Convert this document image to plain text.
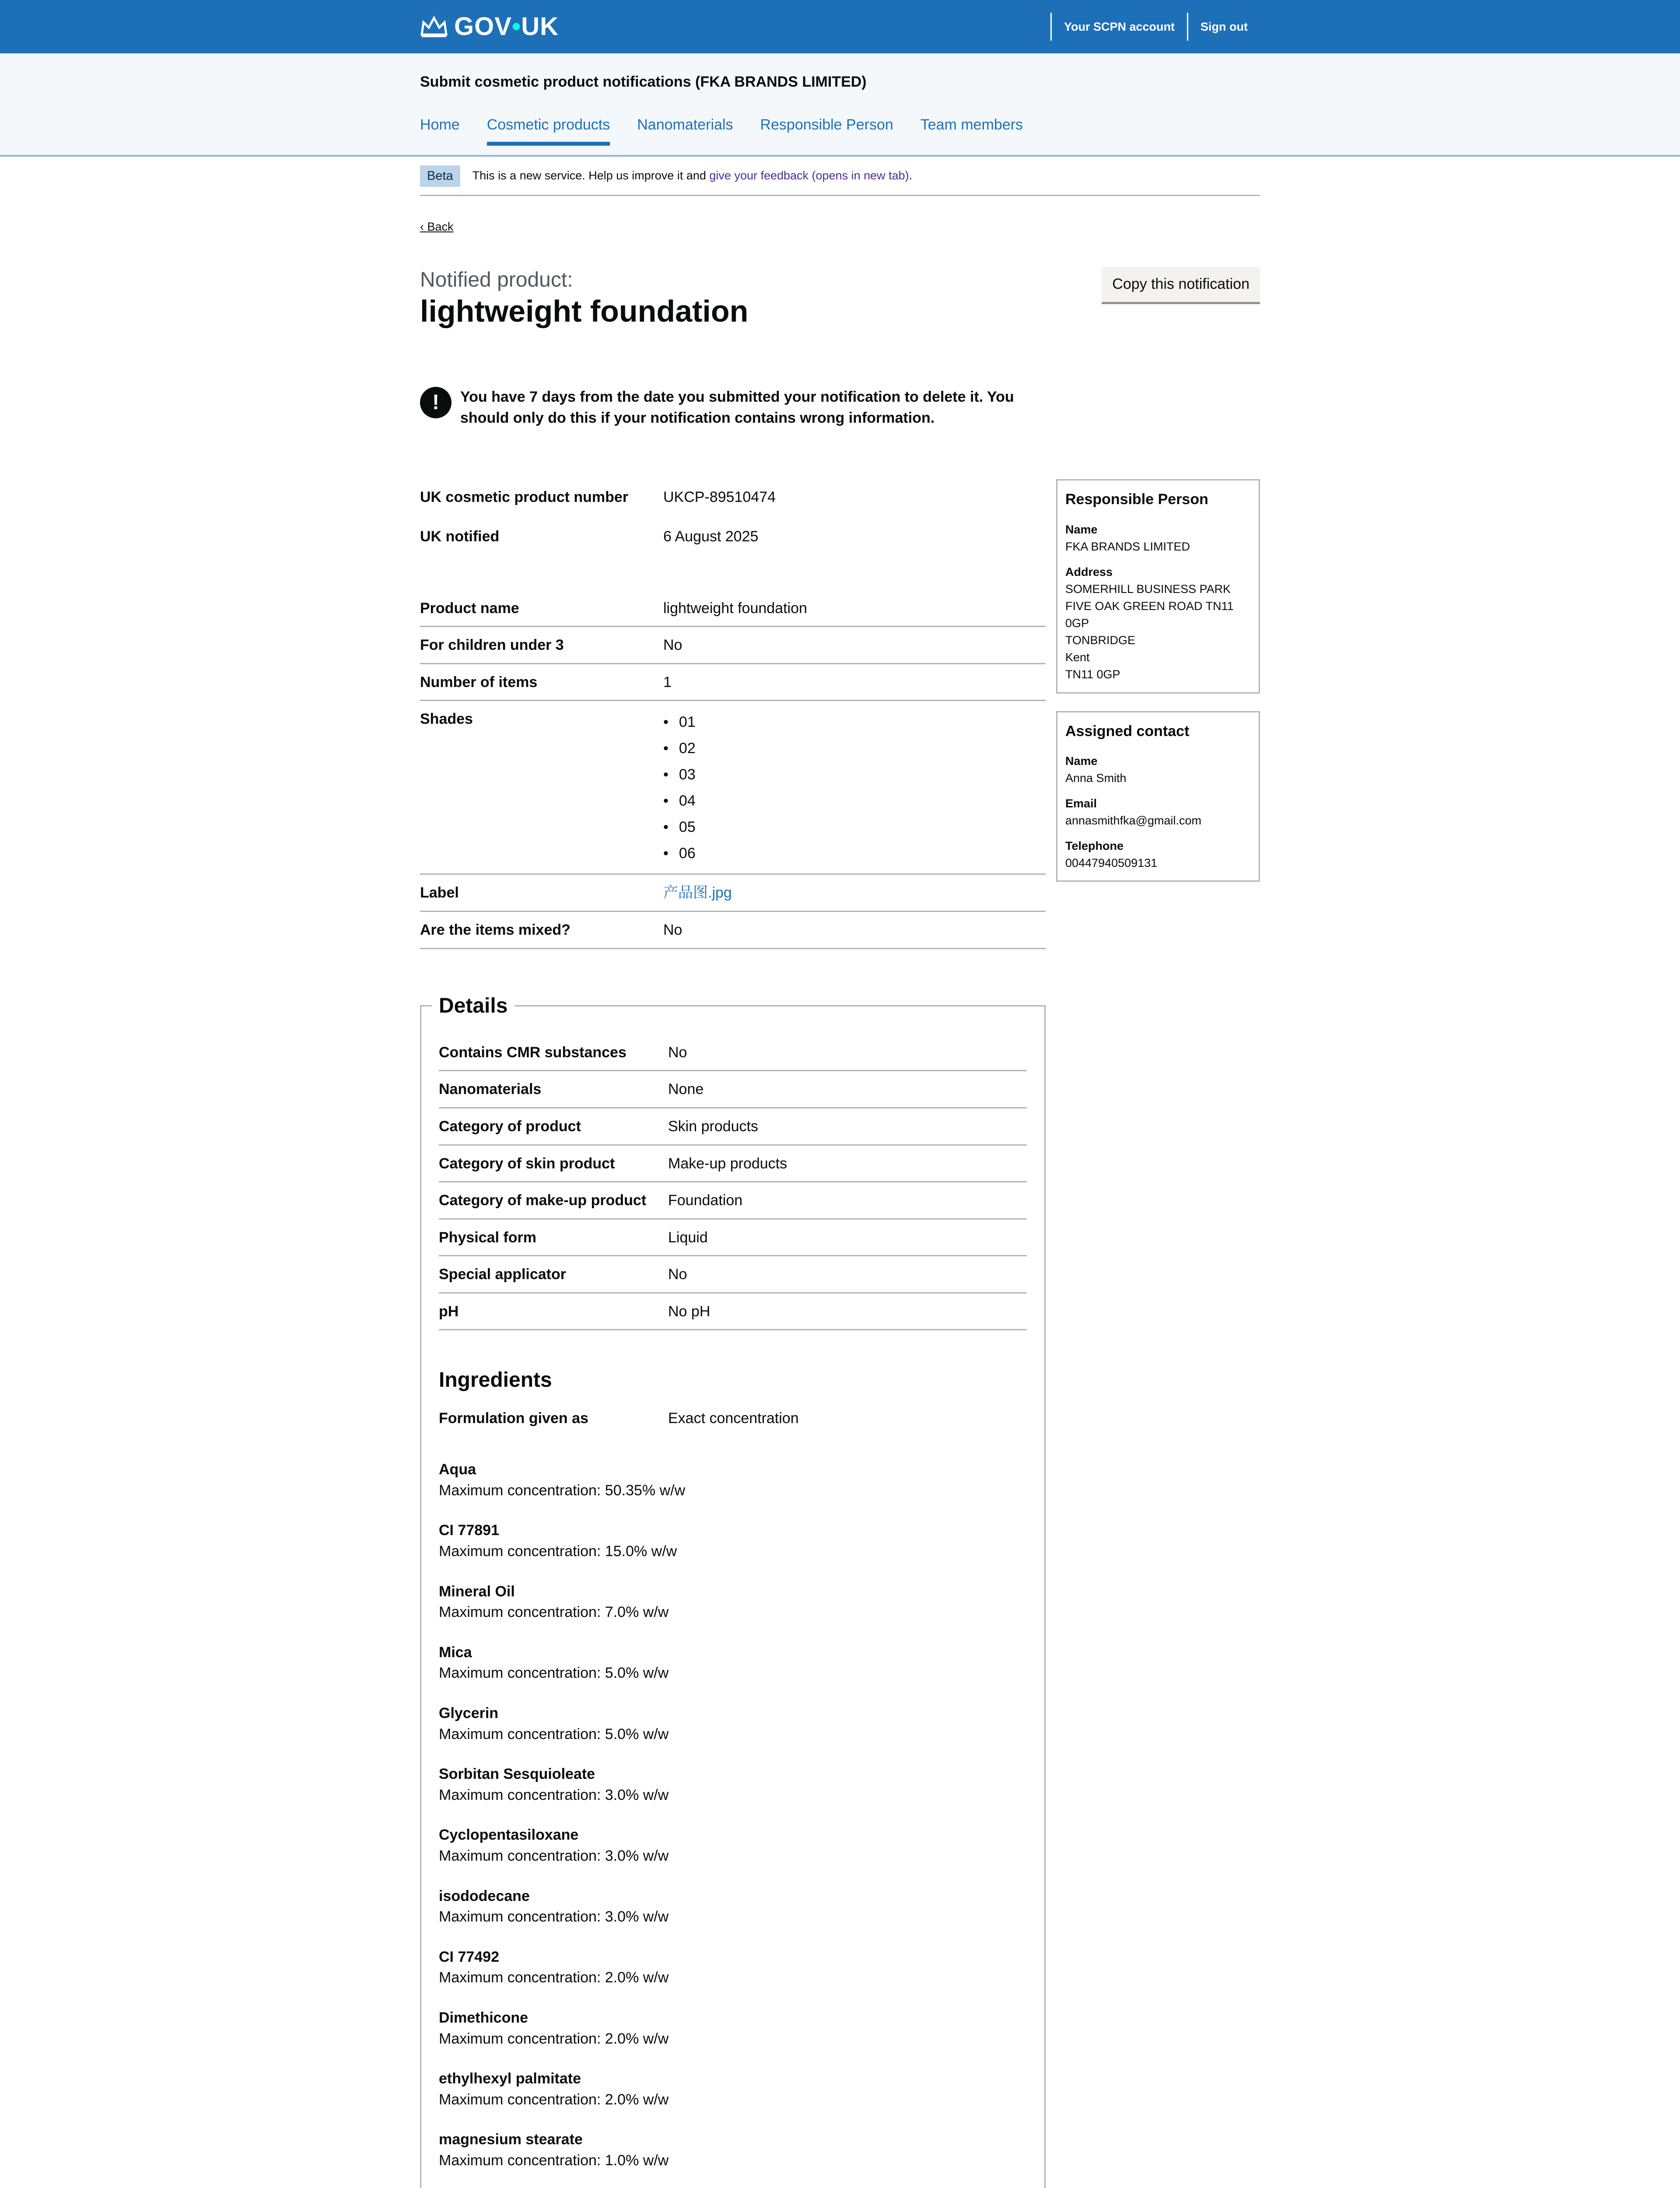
GOV • UK	Your SCPN account	Sign out
Submit cosmetic product notifications (FKA BRANDS LIMITED)
Home Cosmetic products Nanomaterials Responsible Person Team members
Beta	This is a new service. Help us improve it and give your feedback (opens in new tab).
‹ Back
Notified product:
lightweight foundation
Copy this notification
!	You have 7 days from the date you submitted your notification to delete it. You should only do this if your notification contains wrong information.
UK cosmetic product number	UKCP-89510474
UK notified	6 August 2025
Product name	lightweight foundation
For children under 3	No
Number of items	1
Shades
•	01
• 02
• 03
• 04
• 05
• 06
Label	产品图.jpg
Are the items mixed?	No
Details
Contains CMR substances	No
Nanomaterials	None
Category of product	Skin products
Category of skin product	Make-up products
Category of make-up product	Foundation
Physical form	Liquid
Special applicator	No
pH	No pH
Ingredients
Formulation given as	Exact concentration
Aqua
Maximum concentration: 50.35% w/w
CI 77891
Maximum concentration: 15.0% w/w
Mineral Oil
Maximum concentration: 7.0% w/w
Mica
Maximum concentration: 5.0% w/w
Glycerin
Maximum concentration: 5.0% w/w
Sorbitan Sesquioleate
Maximum concentration: 3.0% w/w
Cyclopentasiloxane
Maximum concentration: 3.0% w/w
isododecane
Maximum concentration: 3.0% w/w
CI 77492
Maximum concentration: 2.0% w/w
Dimethicone
Maximum concentration: 2.0% w/w
ethylhexyl palmitate
Maximum concentration: 2.0% w/w
magnesium stearate
Maximum concentration: 1.0% w/w
Responsible Person
Name
FKA BRANDS LIMITED
Address
SOMERHILL BUSINESS PARK FIVE OAK GREEN ROAD TN11 0GP
TONBRIDGE
Kent
TN11 0GP
Assigned contact
Name
Anna Smith
Email
annasmithfka@gmail.com
Telephone
00447940509131
